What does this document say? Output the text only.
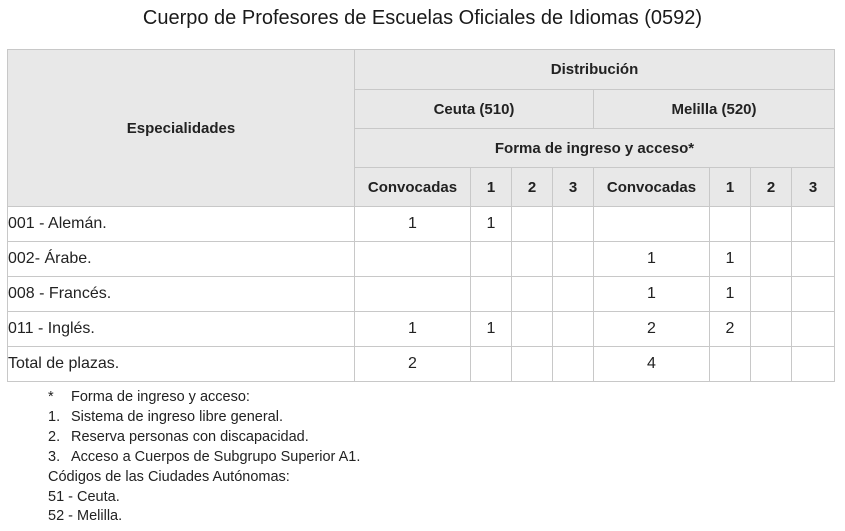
Cuerpo de Profesores de Escuelas Oficiales de Idiomas (0592)
Especialidades	Distribución							
	Ceuta (510)				Melilla (520)			
	Forma de ingreso y acceso*							
	Convocadas	1	2	3	Convocadas	1	2	3
001 - Alemán.	1	1						
002- Árabe.					1	1		
008 - Francés.					1	1		
011 - Inglés.	1	1			2	2		
Total de plazas.	2				4			
* Forma de ingreso y acceso:
1. Sistema de ingreso libre general.
2. Reserva personas con discapacidad.
3. Acceso a Cuerpos de Subgrupo Superior A1.
Códigos de las Ciudades Autónomas:
51 - Ceuta.
52 - Melilla.
